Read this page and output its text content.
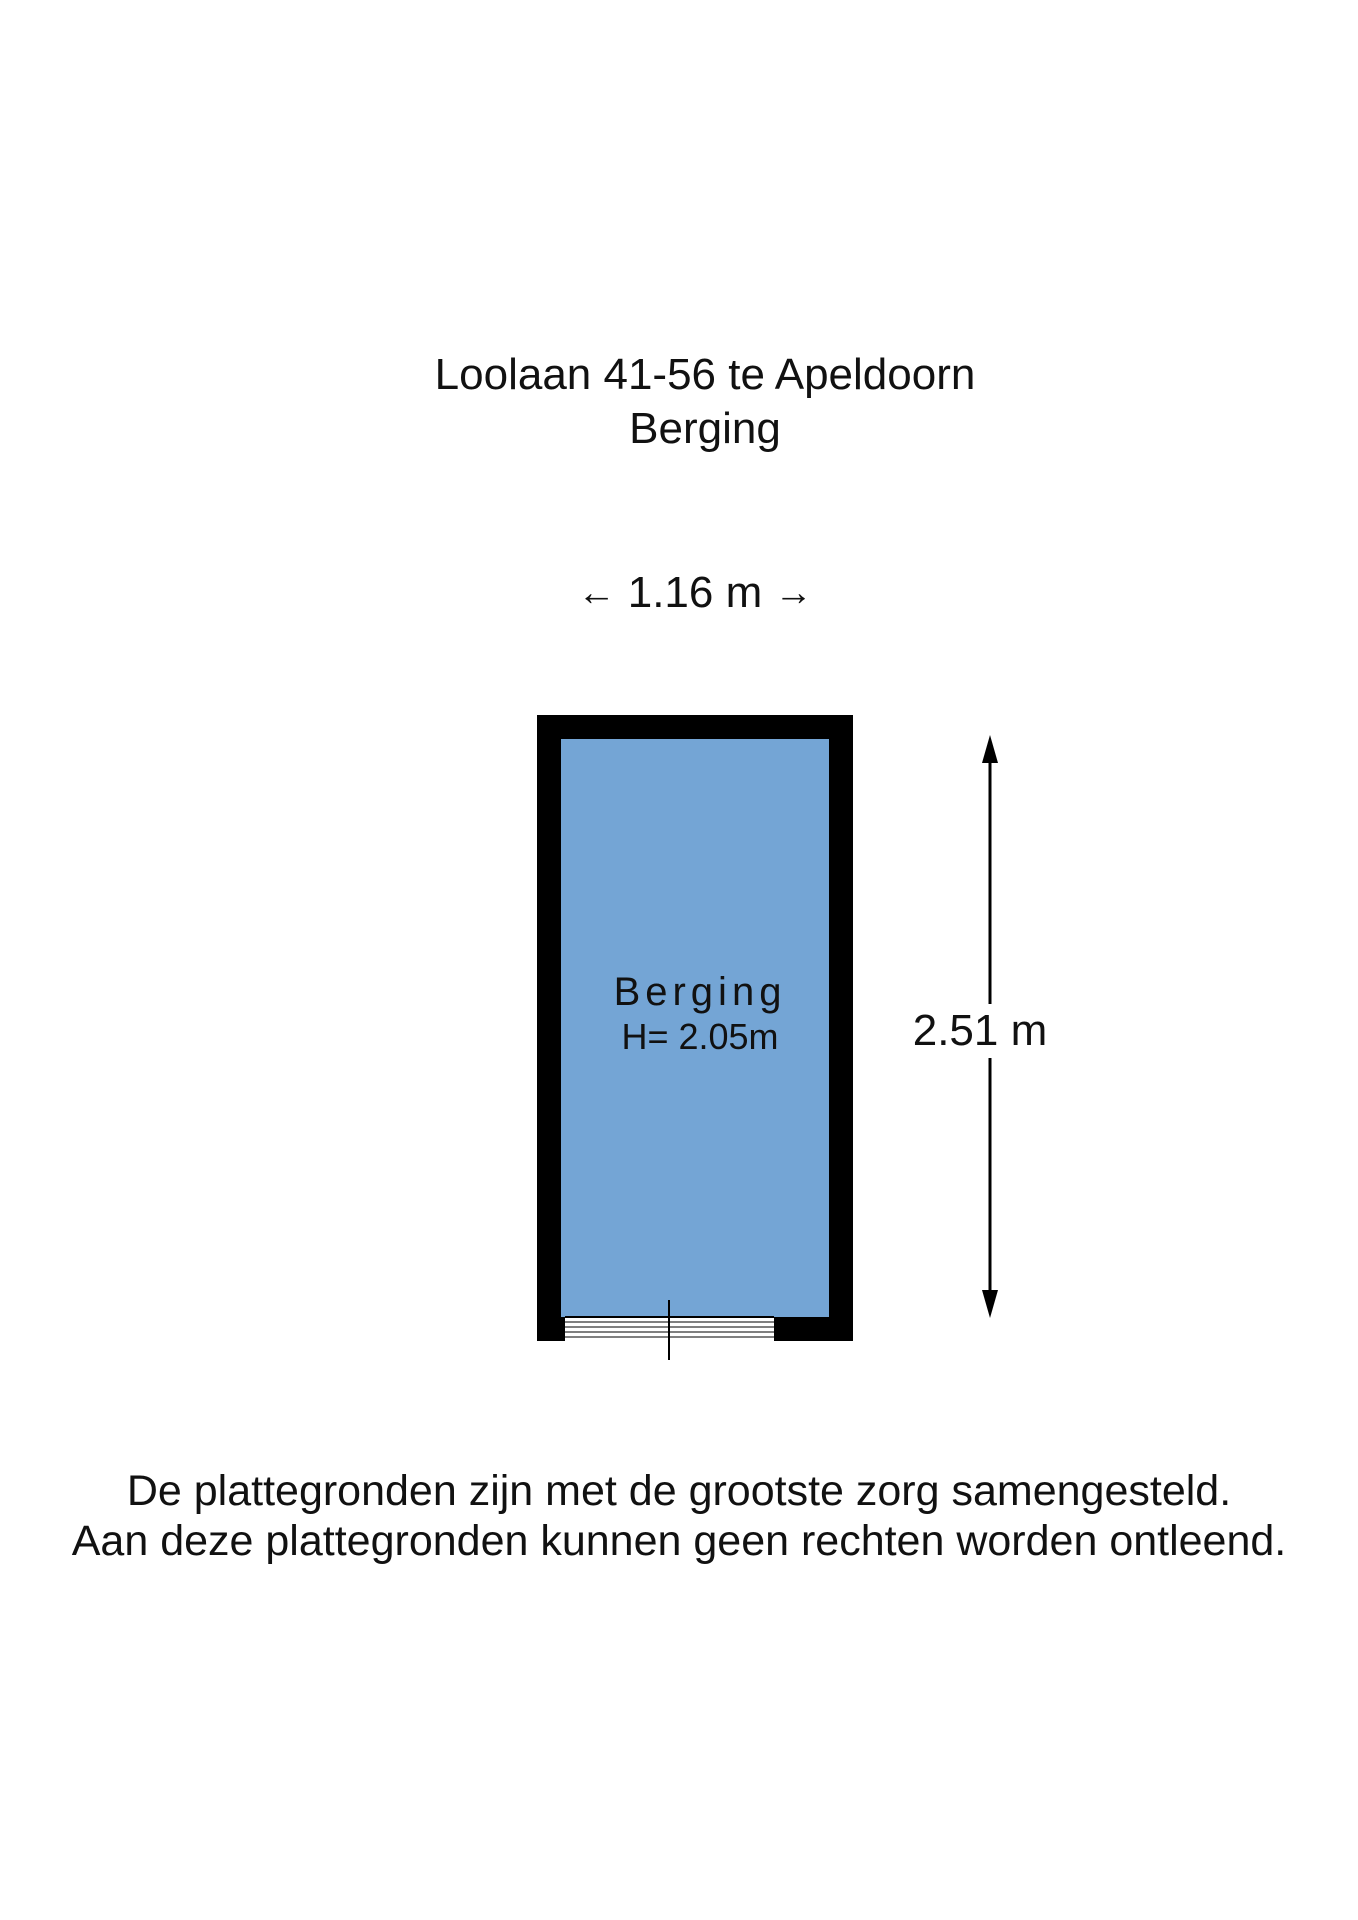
Loolaan 41-56 te Apeldoorn
Berging
← 1.16 m →
Berging
H= 2.05m	2.51 m
De plattegronden zijn met de grootste zorg samengesteld.
Aan deze plattegronden kunnen geen rechten worden ontleend.
